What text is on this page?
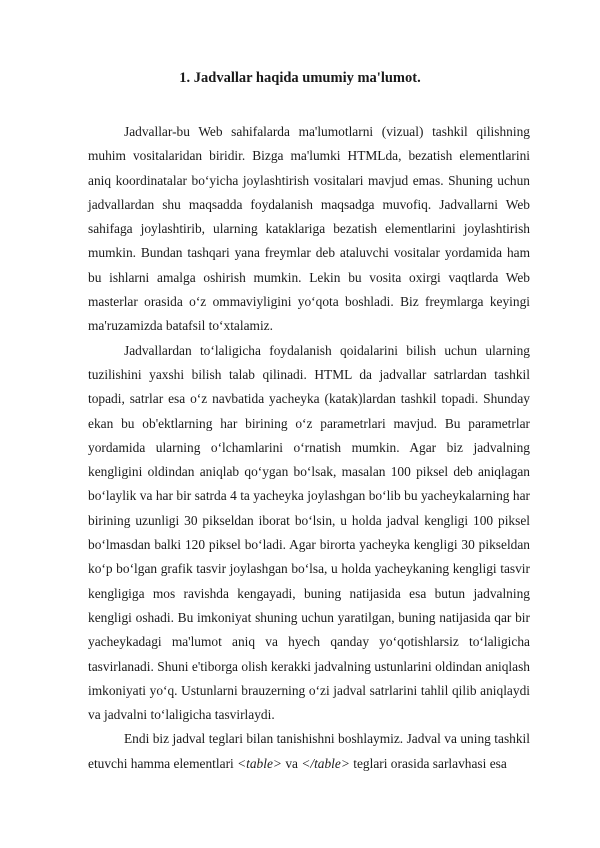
1. Jadvallar haqida umumiy ma'lumot.

Jadvallar-bu Web sahifalarda ma'lumotlarni (vizual) tashkil qilishning muhim vositalaridan biridir. Bizga ma'lumki HTMLda, bezatish elementlarini aniq koordinatalar bo‘yicha joylashtirish vositalari mavjud emas. Shuning uchun jadvallardan shu maqsadda foydalanish maqsadga muvofiq. Jadvallarni Web sahifaga joylashtirib, ularning kataklariga bezatish elementlarini joylashtirish mumkin. Bundan tashqari yana freymlar deb ataluvchi vositalar yordamida ham bu ishlarni amalga oshirish mumkin. Lekin bu vosita oxirgi vaqtlarda Web masterlar orasida o‘z ommaviyligini yo‘qota boshladi. Biz freymlarga keyingi ma'ruzamizda batafsil to‘xtalamiz.

Jadvallardan to‘laligicha foydalanish qoidalarini bilish uchun ularning tuzilishini yaxshi bilish talab qilinadi. HTML da jadvallar satrlardan tashkil topadi, satrlar esa o‘z navbatida yacheyka (katak)lardan tashkil topadi. Shunday ekan bu ob'ektlarning har birining o‘z parametrlari mavjud. Bu parametrlar yordamida ularning o‘lchamlarini o‘rnatish mumkin. Agar biz jadvalning kengligini oldindan aniqlab qo‘ygan bo‘lsak, masalan 100 piksel deb aniqlagan bo‘laylik va har bir satrda 4 ta yacheyka joylashgan bo‘lib bu yacheykalarning har birining uzunligi 30 pikseldan iborat bo‘lsin, u holda jadval kengligi 100 piksel bo‘lmasdan balki 120 piksel bo‘ladi. Agar birorta yacheyka kengligi 30 pikseldan ko‘p bo‘lgan grafik tasvir joylashgan bo‘lsa, u holda yacheykaning kengligi tasvir kengligiga mos ravishda kengayadi, buning natijasida esa butun jadvalning kengligi oshadi. Bu imkoniyat shuning uchun yaratilgan, buning natijasida qar bir yacheykadagi ma'lumot aniq va hyech qanday yo‘qotishlarsiz to‘laligicha tasvirlanadi. Shuni e'tiborga olish kerakki jadvalning ustunlarini oldindan aniqlash imkoniyati yo‘q. Ustunlarni brauzerning o‘zi jadval satrlarini tahlil qilib aniqlaydi va jadvalni to‘laligicha tasvirlaydi.

Endi biz jadval teglari bilan tanishishni boshlaymiz. Jadval va uning tashkil etuvchi hamma elementlari <table> va </table> teglari orasida sarlavhasi esa
